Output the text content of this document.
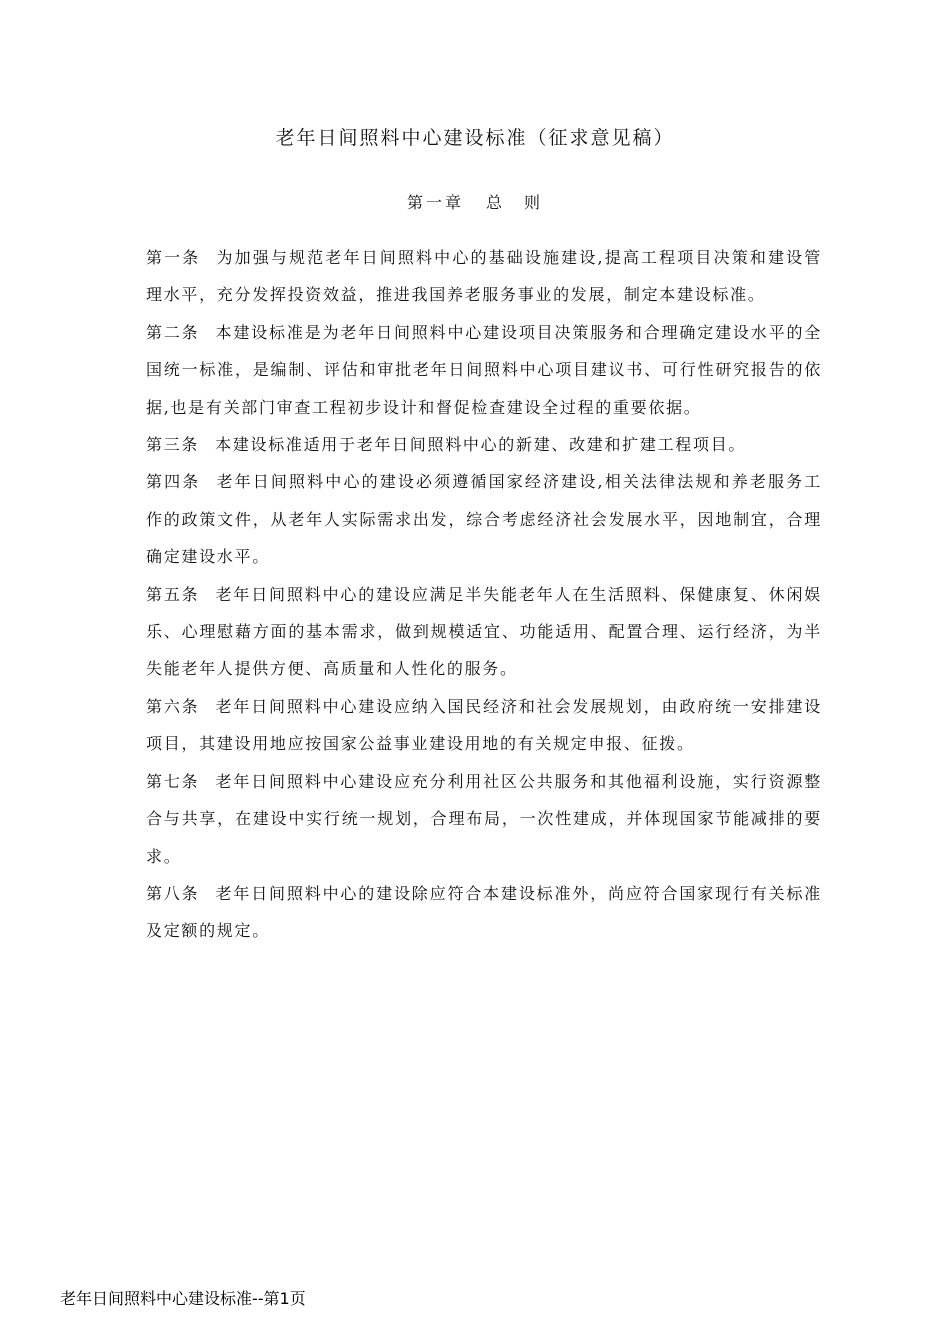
老年日间照料中心建设标准（征求意见稿）
第一章 总　则

第一条 为加强与规范老年日间照料中心的基础设施建设,提高工程项目决策和建设管理水平，充分发挥投资效益，推进我国养老服务事业的发展，制定本建设标准。

第二条 本建设标准是为老年日间照料中心建设项目决策服务和合理确定建设水平的全国统一标准，是编制、评估和审批老年日间照料中心项目建议书、可行性研究报告的依据,也是有关部门审查工程初步设计和督促检查建设全过程的重要依据。

第三条 本建设标准适用于老年日间照料中心的新建、改建和扩建工程项目。

第四条 老年日间照料中心的建设必须遵循国家经济建设,相关法律法规和养老服务工作的政策文件，从老年人实际需求出发，综合考虑经济社会发展水平，因地制宜，合理确定建设水平。

第五条 老年日间照料中心的建设应满足半失能老年人在生活照料、保健康复、休闲娱乐、心理慰藉方面的基本需求，做到规模适宜、功能适用、配置合理、运行经济，为半失能老年人提供方便、高质量和人性化的服务。

第六条 老年日间照料中心建设应纳入国民经济和社会发展规划，由政府统一安排建设项目，其建设用地应按国家公益事业建设用地的有关规定申报、征拨。

第七条 老年日间照料中心建设应充分利用社区公共服务和其他福利设施，实行资源整合与共享，在建设中实行统一规划，合理布局，一次性建成，并体现国家节能减排的要求。

第八条 老年日间照料中心的建设除应符合本建设标准外，尚应符合国家现行有关标准及定额的规定。

老年日间照料中心建设标准--第1页
